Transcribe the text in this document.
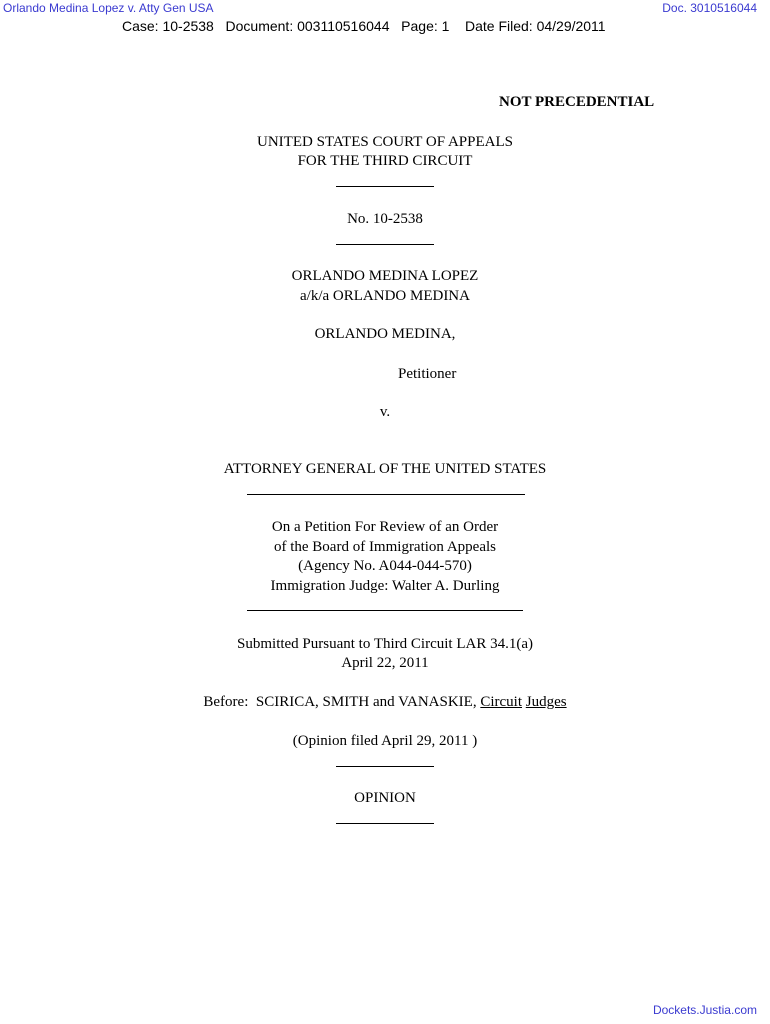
Orlando Medina Lopez v. Atty Gen USA	Doc. 3010516044
Case: 10-2538   Document: 003110516044   Page: 1    Date Filed: 04/29/2011
NOT PRECEDENTIAL
UNITED STATES COURT OF APPEALS
FOR THE THIRD CIRCUIT
No. 10-2538
ORLANDO MEDINA LOPEZ
a/k/a ORLANDO MEDINA
ORLANDO MEDINA,
Petitioner
v.
ATTORNEY GENERAL OF THE UNITED STATES
On a Petition For Review of an Order
of the Board of Immigration Appeals
(Agency No. A044-044-570)
Immigration Judge: Walter A. Durling
Submitted Pursuant to Third Circuit LAR 34.1(a)
April 22, 2011
Before:  SCIRICA, SMITH and VANASKIE, Circuit Judges
(Opinion filed April 29, 2011 )
OPINION
Dockets.Justia.com
